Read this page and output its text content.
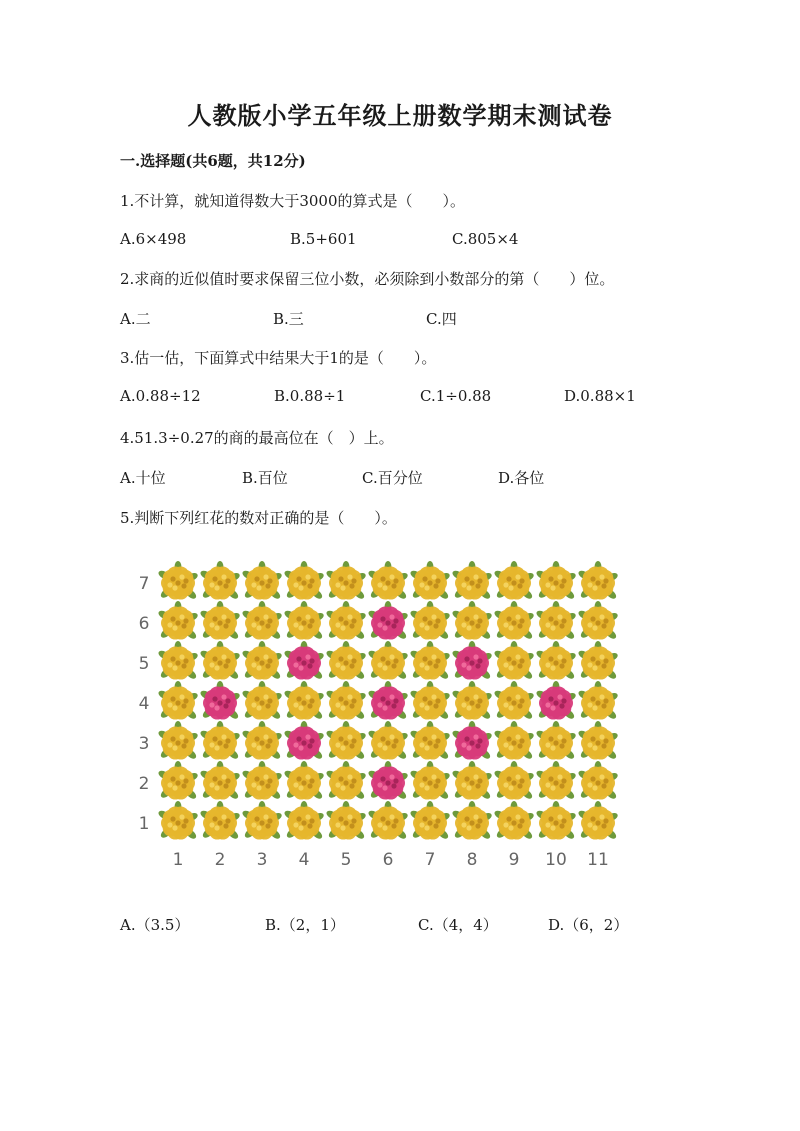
人教版小学五年级上册数学期末测试卷
一.选择题(共6题，共12分)
1.不计算，就知道得数大于3000的算式是（　　）。
A.6×498	B.5+601	C.805×4
2.求商的近似值时要求保留三位小数，必须除到小数部分的第（　　）位。
A.二	B.三	C.四
3.估一估，下面算式中结果大于1的是（　　）。
A.0.88÷12	B.0.88÷1	C.1÷0.88	D.0.88×1
4.51.3÷0.27的商的最高位在（　）上。
A.十位	B.百位	C.百分位	D.各位
5.判断下列红花的数对正确的是（　　）。
7
6
5
4
3
2
1
1 2 3 4 5 6 7 8 9 10 11
A.（3.5）	B.（2，1）	C.（4，4）	D.（6，2）
